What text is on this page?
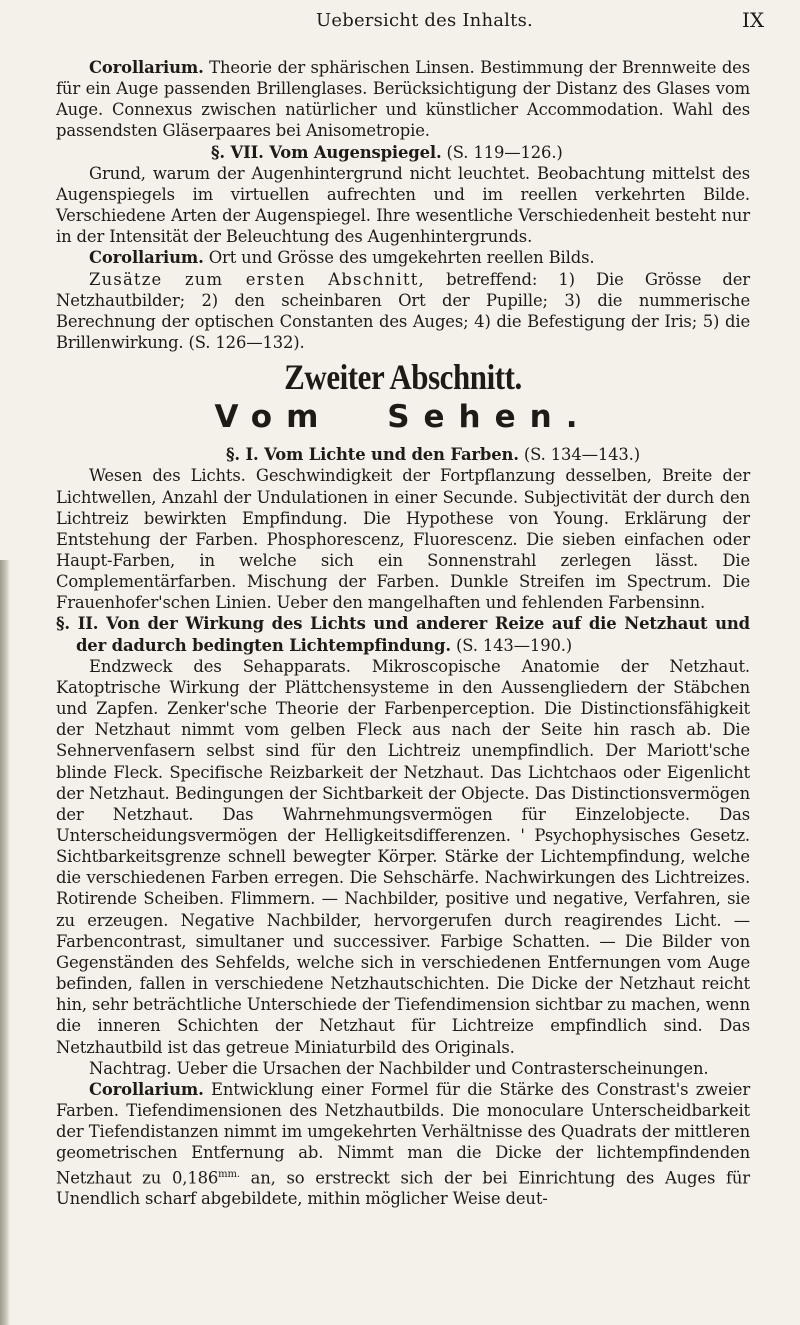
Uebersicht des Inhalts.	IX

Corollarium. Theorie der sphärischen Linsen. Bestimmung der Brennweite des für ein Auge passenden Brillenglases. Berücksichtigung der Distanz des Glases vom Auge. Connexus zwischen natürlicher und künstlicher Accommodation. Wahl des passendsten Gläserpaares bei Anisometropie.

§. VII. Vom Augenspiegel. (S. 119—126.)

Grund, warum der Augenhintergrund nicht leuchtet. Beobachtung mittelst des Augenspiegels im virtuellen aufrechten und im reellen verkehrten Bilde. Verschiedene Arten der Augenspiegel. Ihre wesentliche Verschiedenheit besteht nur in der Intensität der Beleuchtung des Augenhintergrunds.

Corollarium. Ort und Grösse des umgekehrten reellen Bilds.

Zusätze zum ersten Abschnitt, betreffend: 1) Die Grösse der Netzhautbilder; 2) den scheinbaren Ort der Pupille; 3) die nummerische Berechnung der optischen Constanten des Auges; 4) die Befestigung der Iris; 5) die Brillenwirkung. (S. 126—132).

Zweiter Abschnitt.
Vom Sehen.

§. I. Vom Lichte und den Farben. (S. 134—143.)

Wesen des Lichts. Geschwindigkeit der Fortpflanzung desselben, Breite der Lichtwellen, Anzahl der Undulationen in einer Secunde. Subjectivität der durch den Lichtreiz bewirkten Empfindung. Die Hypothese von Young. Erklärung der Entstehung der Farben. Phosphorescenz, Fluorescenz. Die sieben einfachen oder Haupt-Farben, in welche sich ein Sonnenstrahl zerlegen lässt. Die Complementärfarben. Mischung der Farben. Dunkle Streifen im Spectrum. Die Frauenhofer'schen Linien. Ueber den mangelhaften und fehlenden Farbensinn.

§. II. Von der Wirkung des Lichts und anderer Reize auf die Netzhaut und der dadurch bedingten Lichtempfindung. (S. 143—190.)

Endzweck des Sehapparats. Mikroscopische Anatomie der Netzhaut. Katoptrische Wirkung der Plättchensysteme in den Aussengliedern der Stäbchen und Zapfen. Zenker'sche Theorie der Farbenperception. Die Distinctionsfähigkeit der Netzhaut nimmt vom gelben Fleck aus nach der Seite hin rasch ab. Die Sehnervenfasern selbst sind für den Lichtreiz unempfindlich. Der Mariott'sche blinde Fleck. Specifische Reizbarkeit der Netzhaut. Das Lichtchaos oder Eigenlicht der Netzhaut. Bedingungen der Sichtbarkeit der Objecte. Das Distinctionsvermögen der Netzhaut. Das Wahrnehmungsvermögen für Einzelobjecte. Das Unterscheidungsvermögen der Helligkeitsdifferenzen. ' Psychophysisches Gesetz. Sichtbarkeitsgrenze schnell bewegter Körper. Stärke der Lichtempfindung, welche die verschiedenen Farben erregen. Die Sehschärfe. Nachwirkungen des Lichtreizes. Rotirende Scheiben. Flimmern. — Nachbilder, positive und negative, Verfahren, sie zu erzeugen. Negative Nachbilder, hervorgerufen durch reagirendes Licht. — Farbencontrast, simultaner und successiver. Farbige Schatten. — Die Bilder von Gegenständen des Sehfelds, welche sich in verschiedenen Entfernungen vom Auge befinden, fallen in verschiedene Netzhautschichten. Die Dicke der Netzhaut reicht hin, sehr beträchtliche Unterschiede der Tiefendimension sichtbar zu machen, wenn die inneren Schichten der Netzhaut für Lichtreize empfindlich sind. Das Netzhautbild ist das getreue Miniaturbild des Originals.

Nachtrag. Ueber die Ursachen der Nachbilder und Contrasterscheinungen.

Corollarium. Entwicklung einer Formel für die Stärke des Constrast's zweier Farben. Tiefendimensionen des Netzhautbilds. Die monoculare Unterscheidbarkeit der Tiefendistanzen nimmt im umgekehrten Verhältnisse des Quadrats der mittleren geometrischen Entfernung ab. Nimmt man die Dicke der lichtempfindenden Netzhaut zu $0,186^{mm.}$ an, so erstreckt sich der bei Einrichtung des Auges für Unendlich scharf abgebildete, mithin möglicher Weise deut-
